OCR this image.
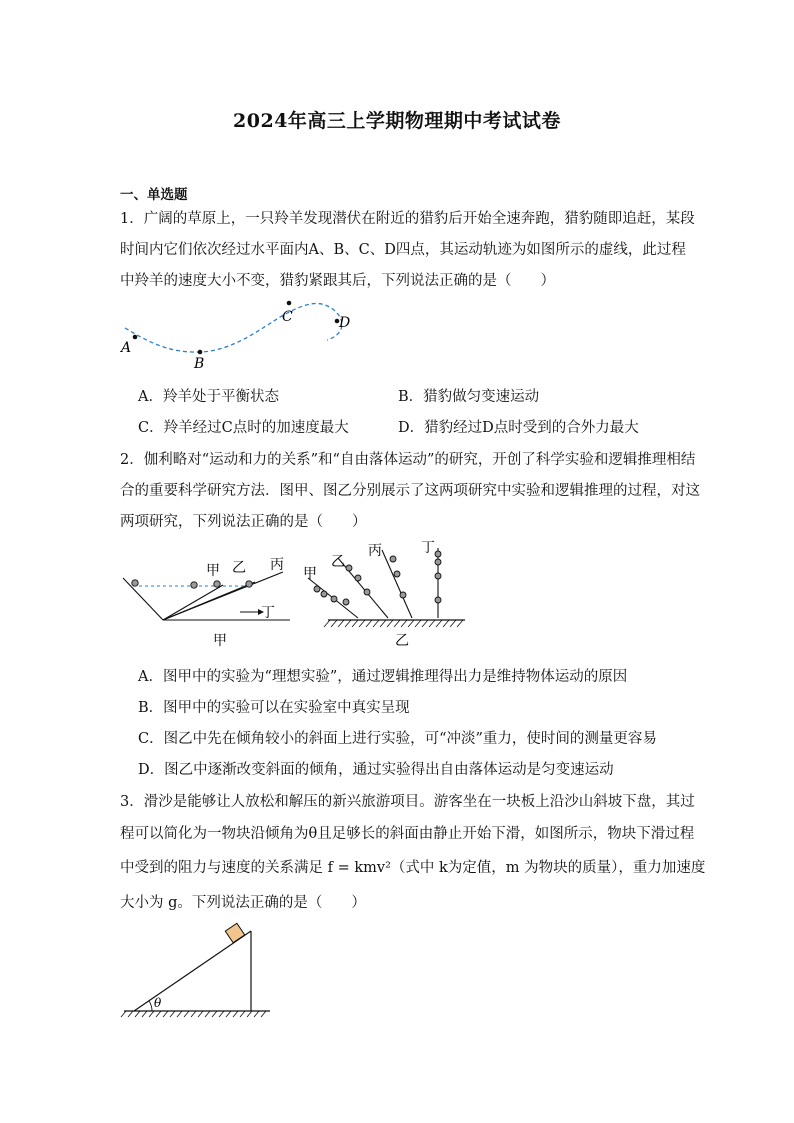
2024年高三上学期物理期中考试试卷
一、单选题
1．广阔的草原上，一只羚羊发现潜伏在附近的猎豹后开始全速奔跑，猎豹随即追赶，某段
时间内它们依次经过水平面内A、B、C、D四点，其运动轨迹为如图所示的虚线，此过程
中羚羊的速度大小不变，猎豹紧跟其后，下列说法正确的是（　　）
A
B
C	D
A．羚羊处于平衡状态	B．猎豹做匀变速运动
C．羚羊经过C点时的加速度最大	D．猎豹经过D点时受到的合外力最大
2．伽利略对“运动和力的关系”和“自由落体运动”的研究，开创了科学实验和逻辑推理相结
合的重要科学研究方法．图甲、图乙分别展示了这两项研究中实验和逻辑推理的过程，对这
两项研究，下列说法正确的是（　　）
甲 乙 丙
丁
甲
甲
乙
丙	丁
乙
A．图甲中的实验为“理想实验”，通过逻辑推理得出力是维持物体运动的原因
B．图甲中的实验可以在实验室中真实呈现
C．图乙中先在倾角较小的斜面上进行实验，可“冲淡”重力，使时间的测量更容易
D．图乙中逐渐改变斜面的倾角，通过实验得出自由落体运动是匀变速运动
3．滑沙是能够让人放松和解压的新兴旅游项目。游客坐在一块板上沿沙山斜坡下盘，其过
程可以简化为一物块沿倾角为θ且足够长的斜面由静止开始下滑，如图所示，物块下滑过程
中受到的阻力与速度的关系满足 f = kmv²（式中 k为定值，m 为物块的质量），重力加速度
大小为 g。下列说法正确的是（　　）
θ
